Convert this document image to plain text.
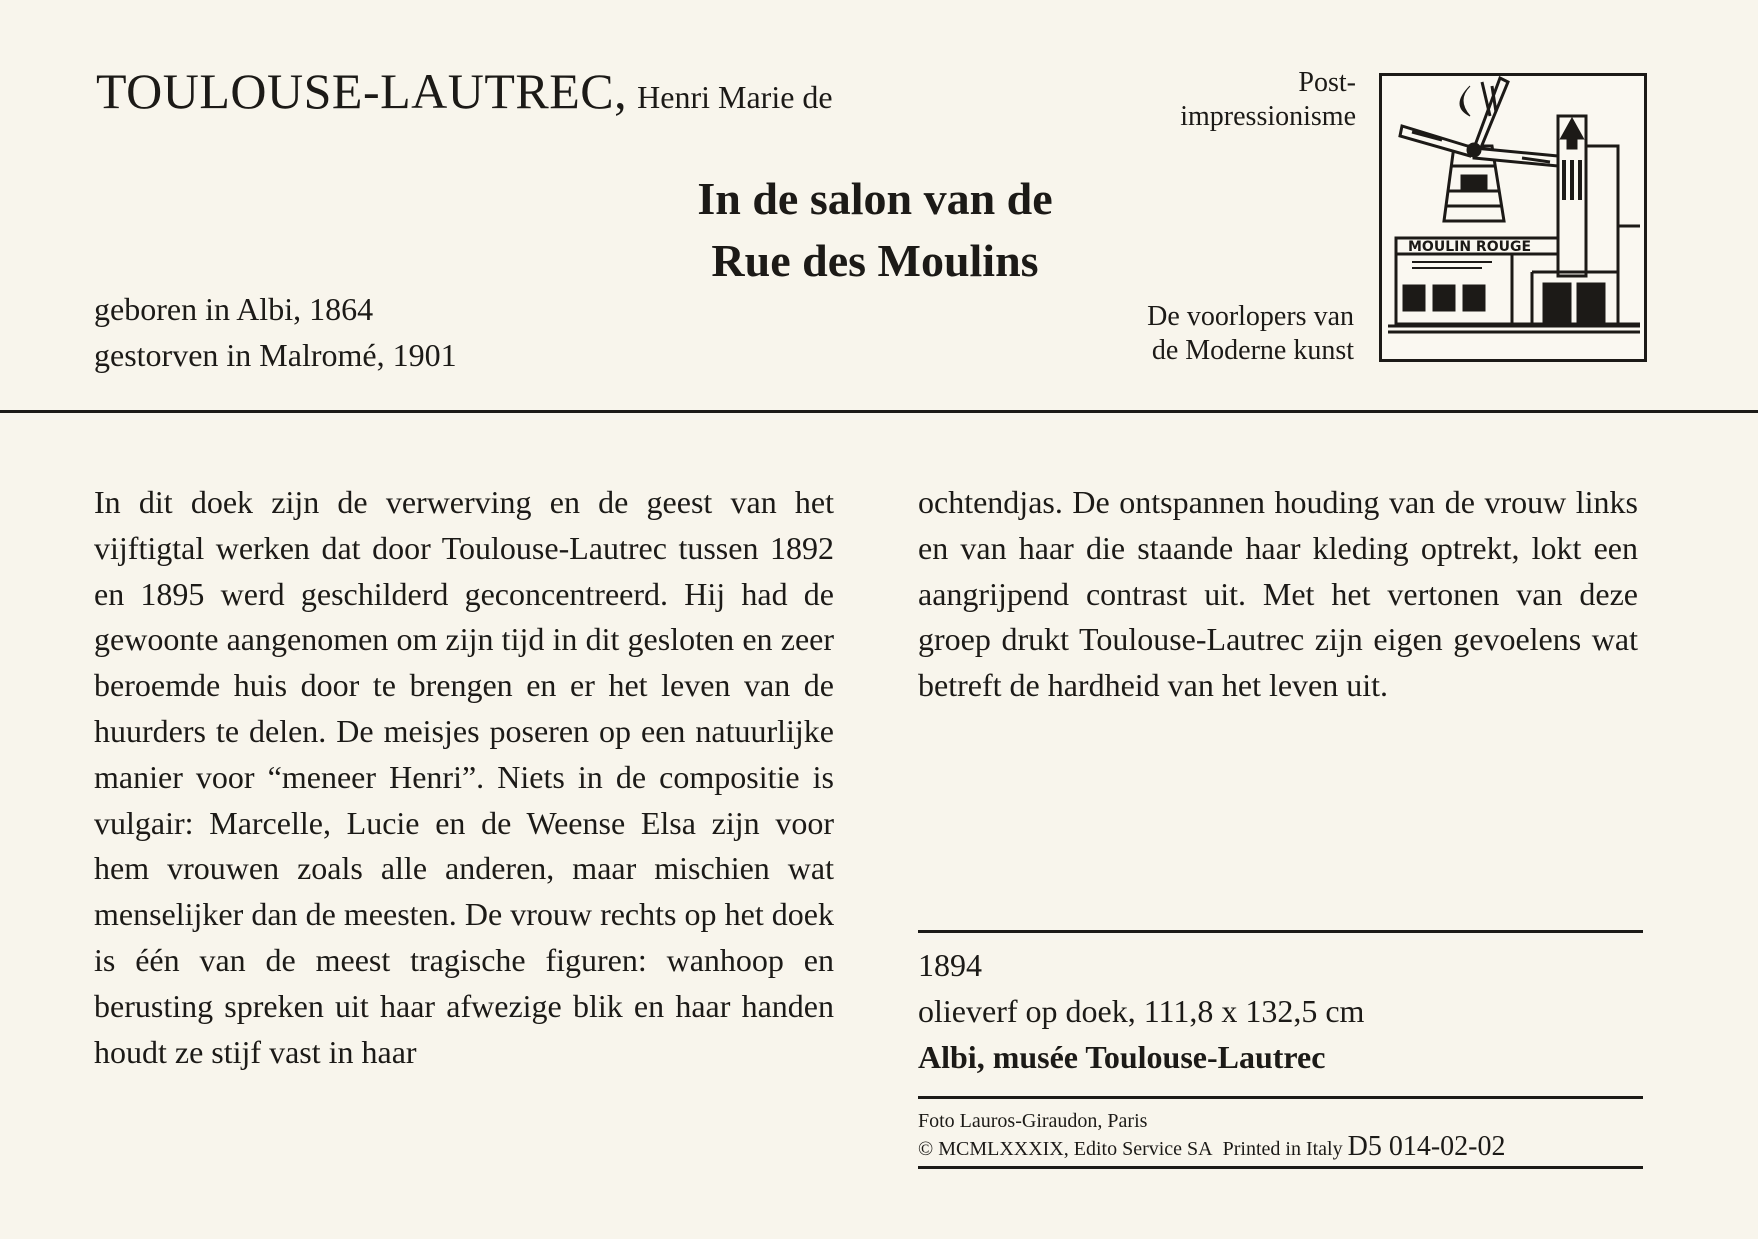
TOULOUSE-LAUTREC, Henri Marie de	Post-
impressionisme
In de salon van de
Rue des Moulins
geboren in Albi, 1864
gestorven in Malromé, 1901
De voorlopers van
de Moderne kunst
MOULIN ROUGE
In dit doek zijn de verwerving en de geest van het vijftigtal werken dat door Toulouse-Lautrec tussen 1892 en 1895 werd geschilderd geconcentreerd. Hij had de gewoonte aangenomen om zijn tijd in dit gesloten en zeer beroemde huis door te brengen en er het leven van de huurders te delen. De meisjes poseren op een natuurlijke manier voor “meneer Henri”. Niets in de compositie is vulgair: Marcelle, Lucie en de Weense Elsa zijn voor hem vrouwen zoals alle anderen, maar mischien wat menselijker dan de meesten. De vrouw rechts op het doek is één van de meest tragische figuren: wanhoop en berusting spreken uit haar afwezige blik en haar handen houdt ze stijf vast in haar
ochtendjas. De ontspannen houding van de vrouw links en van haar die staande haar kleding optrekt, lokt een aangrijpend contrast uit. Met het vertonen van deze groep drukt Toulouse-Lautrec zijn eigen gevoelens wat betreft de hardheid van het leven uit.
1894
olieverf op doek, 111,8 x 132,5 cm
Albi, musée Toulouse-Lautrec
Foto Lauros-Giraudon, Paris
© MCMLXXXIX, Edito Service SA Printed in Italy D5 014-02-02
